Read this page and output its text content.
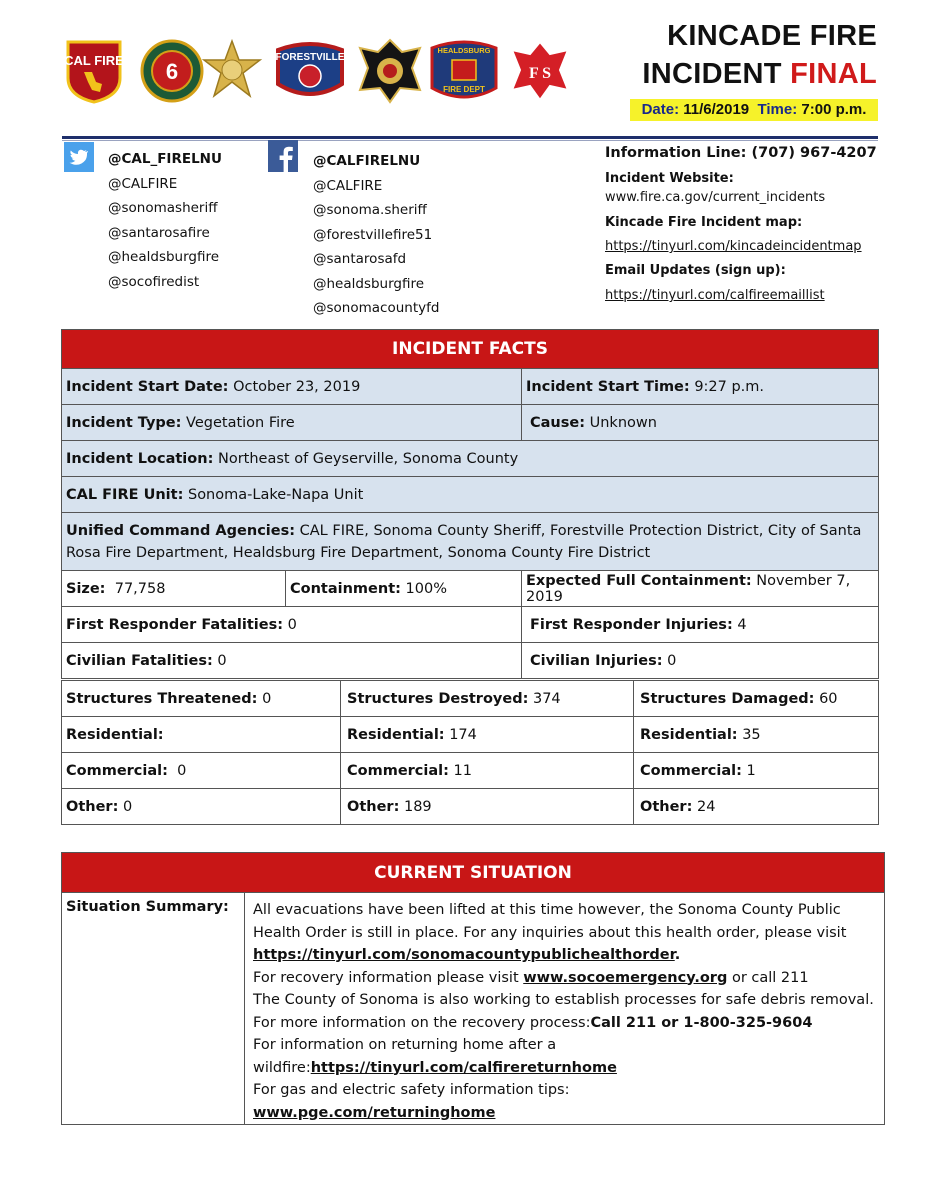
CAL FIRE 6
FORESTVILLE
HEALDSBURG
FIRE DEPT
F S
KINCADE FIRE
INCIDENT FINAL
Date: 11/6/2019 Time: 7:00 p.m.
@CAL_FIRELNU
@CALFIRE
@sonomasheriff
@santarosafire
@healdsburgfire
@socofiredist
@CALFIRELNU
@CALFIRE
@sonoma.sheriff
@forestvillefire51
@santarosafd
@healdsburgfire
@sonomacountyfd
Information Line: (707) 967-4207
Incident Website:
www.fire.ca.gov/current_incidents
Kincade Fire Incident map:
https://tinyurl.com/kincadeincidentmap
Email Updates (sign up):
https://tinyurl.com/calfireemaillist
INCIDENT FACTS		
Incident Start Date: October 23, 2019		Incident Start Time: 9:27 p.m.
Incident Type: Vegetation Fire		Cause: Unknown
Incident Location: Northeast of Geyserville, Sonoma County		
CAL FIRE Unit: Sonoma-Lake-Napa Unit		
Unified Command Agencies: CAL FIRE, Sonoma County Sheriff, Forestville Protection District, City of Santa Rosa Fire Department, Healdsburg Fire Department, Sonoma County Fire District		
Size: 77,758	Containment: 100%	Expected Full Containment: November 7, 2019
First Responder Fatalities: 0		First Responder Injuries: 4
Civilian Fatalities: 0		Civilian Injuries: 0
Structures Threatened: 0	Structures Destroyed: 374	Structures Damaged: 60
Residential:	Residential: 174	Residential: 35
Commercial: 0	Commercial: 11	Commercial: 1
Other: 0	Other: 189	Other: 24
CURRENT SITUATION
Situation Summary:	All evacuations have been lifted at this time however, the Sonoma County Public Health Order is still in place. For any inquiries about this health order, please visit https://tinyurl.com/sonomacountypublichealthorder.
For recovery information please visit www.socoemergency.org or call 211
The County of Sonoma is also working to establish processes for safe debris removal. For more information on the recovery process:Call 211 or 1-800-325-9604
For information on returning home after a wildfire:https://tinyurl.com/calfirereturnhome
For gas and electric safety information tips:
www.pge.com/returninghome
